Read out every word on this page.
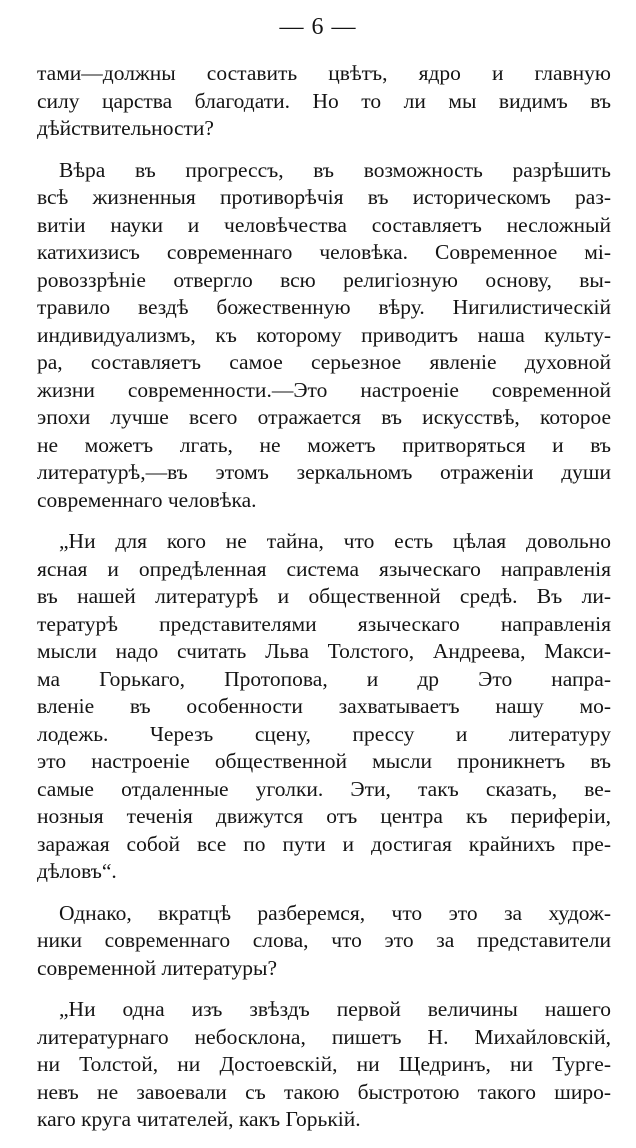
— 6 —
тами—должны составить цвѣтъ, ядро и главную
силу царства благодати. Но то ли мы видимъ въ
дѣйствительности?
Вѣра въ прогрессъ, въ возможность разрѣшить
всѣ жизненныя противорѣчія въ историческомъ раз-
витіи науки и человѣчества составляетъ несложный
катихизисъ современнаго человѣка. Современное мі-
ровоззрѣніе отвергло всю религіозную основу, вы-
травило вездѣ божественную вѣру. Нигилистическій
индивидуализмъ, къ которому приводитъ наша культу-
ра, составляетъ самое серьезное явленіе духовной
жизни современности.—Это настроеніе современной
эпохи лучше всего отражается въ искусствѣ, которое
не можетъ лгать, не можетъ притворяться и въ
литературѣ,—въ этомъ зеркальномъ отраженіи души
современнаго человѣка.
„Ни для кого не тайна, что есть цѣлая довольно
ясная и опредѣленная система языческаго направленія
въ нашей литературѣ и общественной средѣ. Въ ли-
тературѣ представителями языческаго направленія
мысли надо считать Льва Толстого, Андреева, Макси-
ма Горькаго, Протопова, и др Это напра-
вленіе въ особенности захватываетъ нашу мо-
лодежь. Черезъ сцену, прессу и литературу
это настроеніе общественной мысли проникнетъ въ
самые отдаленные уголки. Эти, такъ сказать, ве-
нозныя теченія движутся отъ центра къ периферіи,
заражая собой все по пути и достигая крайнихъ пре-
дѣловъ“.
Однако, вкратцѣ разберемся, что это за худож-
ники современнаго слова, что это за представители
современной литературы?
„Ни одна изъ звѣздъ первой величины нашего
литературнаго небосклона, пишетъ Н. Михайловскій,
ни Толстой, ни Достоевскій, ни Щедринъ, ни Турге-
невъ не завоевали съ такою быстротою такого широ-
каго круга читателей, какъ Горькій.
